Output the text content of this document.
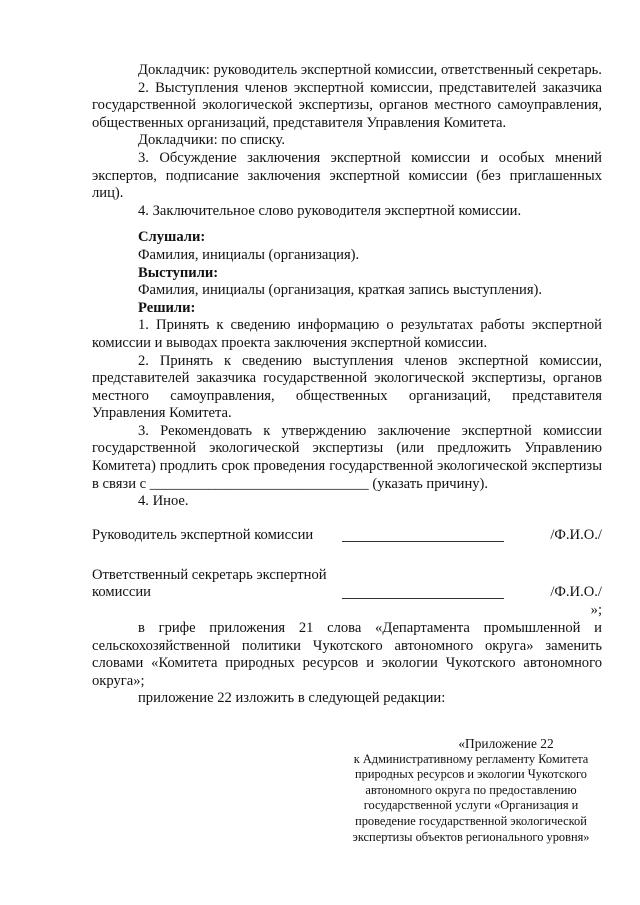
Докладчик: руководитель экспертной комиссии, ответственный секретарь.

2. Выступления членов экспертной комиссии, представителей заказчика государственной экологической экспертизы, органов местного самоуправления, общественных организаций, представителя Управления Комитета.

Докладчики: по списку.

3. Обсуждение заключения экспертной комиссии и особых мнений экспертов, подписание заключения экспертной комиссии (без приглашенных лиц).

4. Заключительное слово руководителя экспертной комиссии.

Слушали:

Фамилия, инициалы (организация).

Выступили:

Фамилия, инициалы (организация, краткая запись выступления).

Решили:

1. Принять к сведению информацию о результатах работы экспертной комиссии и выводах проекта заключения экспертной комиссии.

2. Принять к сведению выступления членов экспертной комиссии, представителей заказчика государственной экологической экспертизы, органов местного самоуправления, общественных организаций, представителя Управления Комитета.

3. Рекомендовать к утверждению заключение экспертной комиссии государственной экологической экспертизы (или предложить Управлению Комитета) продлить срок проведения государственной экологической экспертизы в связи с ______________________________ (указать причину).

4. Иное.

Руководитель экспертной комиссии	/Ф.И.О./

Ответственный секретарь экспертной

комиссии	/Ф.И.О./

»;

в грифе приложения 21 слова «Департамента промышленной и сельскохозяйственной политики Чукотского автономного округа» заменить словами «Комитета природных ресурсов и экологии Чукотского автономного округа»;

приложение 22 изложить в следующей редакции:

«Приложение 22

к Административному регламенту Комитета природных ресурсов и экологии Чукотского автономного округа по предоставлению государственной услуги «Организация и проведение государственной экологической экспертизы объектов регионального уровня»
